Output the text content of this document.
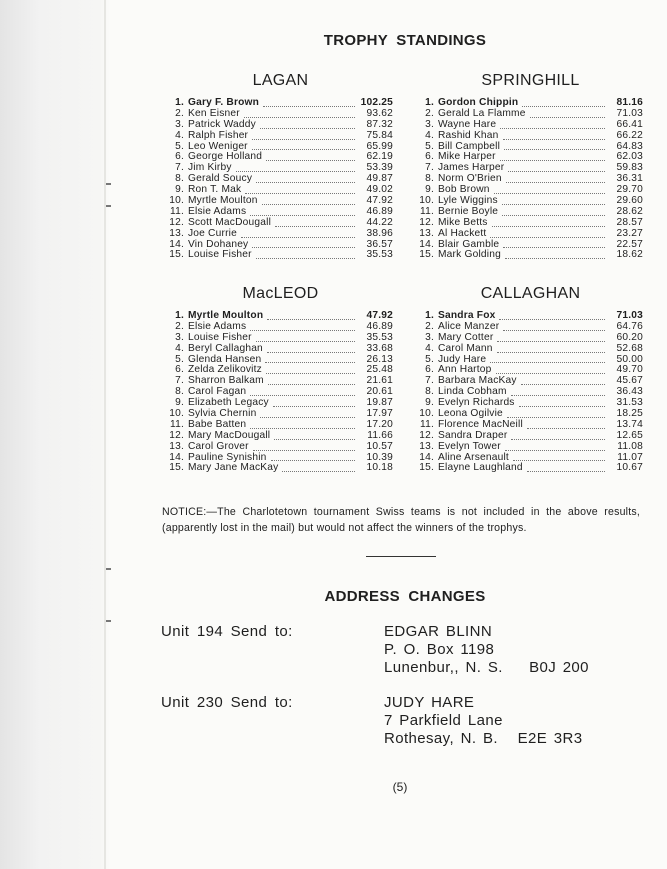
TROPHY STANDINGS
LAGAN
1. Gary F. Brown	102.25
2. Ken Eisner	93.62
3. Patrick Waddy	87.32
4. Ralph Fisher	75.84
5. Leo Weniger	65.99
6. George Holland	62.19
7. Jim Kirby	53.39
8. Gerald Soucy	49.87
9. Ron T. Mak	49.02
10. Myrtle Moulton	47.92
11. Elsie Adams	46.89
12. Scott MacDougall	44.22
13. Joe Currie	38.96
14. Vin Dohaney	36.57
15. Louise Fisher	35.53
SPRINGHILL
1. Gordon Chippin	81.16
2. Gerald La Flamme	71.03
3. Wayne Hare	66.41
4. Rashid Khan	66.22
5. Bill Campbell	64.83
6. Mike Harper	62.03
7. James Harper	59.83
8. Norm O'Brien	36.31
9. Bob Brown	29.70
10. Lyle Wiggins	29.60
11. Bernie Boyle	28.62
12. Mike Betts	28.57
13. Al Hackett	23.27
14. Blair Gamble	22.57
15. Mark Golding	18.62
MacLEOD
1. Myrtle Moulton	47.92
2. Elsie Adams	46.89
3. Louise Fisher	35.53
4. Beryl Callaghan	33.68
5. Glenda Hansen	26.13
6. Zelda Zelikovitz	25.48
7. Sharron Balkam	21.61
8. Carol Fagan	20.61
9. Elizabeth Legacy	19.87
10. Sylvia Chernin	17.97
11. Babe Batten	17.20
12. Mary MacDougall	11.66
13. Carol Grover	10.57
14. Pauline Synishin	10.39
15. Mary Jane MacKay	10.18
CALLAGHAN
1. Sandra Fox	71.03
2. Alice Manzer	64.76
3. Mary Cotter	60.20
4. Carol Mann	52.68
5. Judy Hare	50.00
6. Ann Hartop	49.70
7. Barbara MacKay	45.67
8. Linda Cobham	36.43
9. Evelyn Richards	31.53
10. Leona Ogilvie	18.25
11. Florence MacNeill	13.74
12. Sandra Draper	12.65
13. Evelyn Tower	11.08
14. Aline Arsenault	11.07
15. Elayne Laughland	10.67
NOTICE:—The Charlotetown tournament Swiss teams is not included in the above results, (apparently lost in the mail) but would not affect the winners of the trophys.
ADDRESS CHANGES
Unit 194 Send to:	EDGAR BLINN
P. O. Box 1198
Lunenbur,, N. S.    B0J 200
Unit 230 Send to:	JUDY HARE
7 Parkfield Lane
Rothesay, N. B.   E2E 3R3
(5)
